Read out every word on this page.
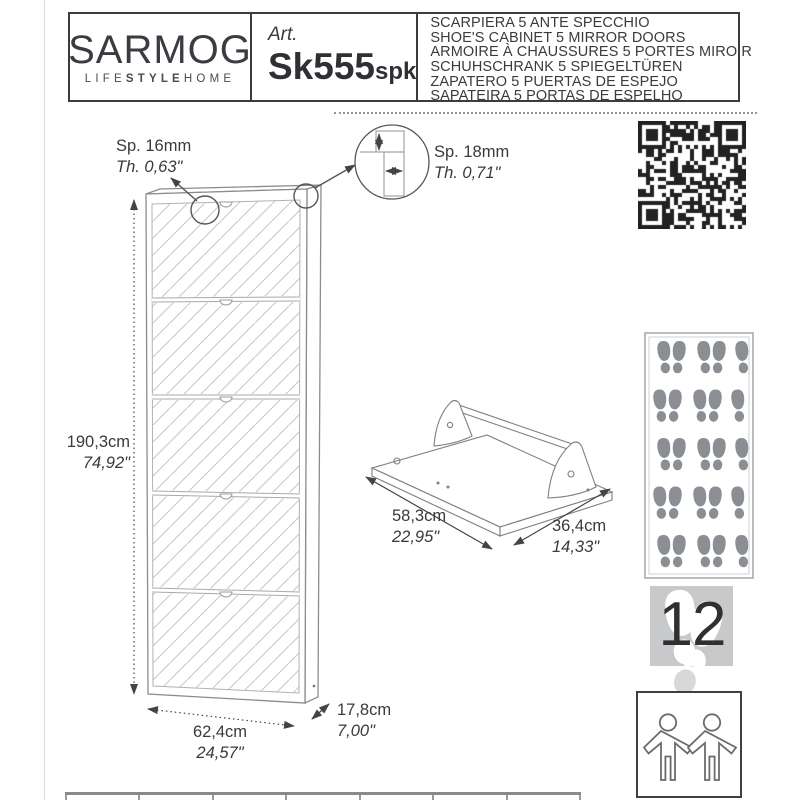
SARMOG
LIFESTYLEHOME
Art.
Sk555spk
SCARPIERA 5 ANTE SPECCHIO
SHOE'S CABINET 5 MIRROR DOORS
ARMOIRE À CHAUSSURES 5 PORTES MIROIR
SCHUHSCHRANK 5 SPIEGELTÜREN
ZAPATERO 5 PUERTAS DE ESPEJO
SAPATEIRA 5 PORTAS DE ESPELHO
Sp. 16mm
Th. 0,63"
Sp. 18mm
Th. 0,71"
190,3cm
74,92"
62,4cm
24,57"
17,8cm
7,00"
58,3cm
22,95"
36,4cm
14,33"
12
